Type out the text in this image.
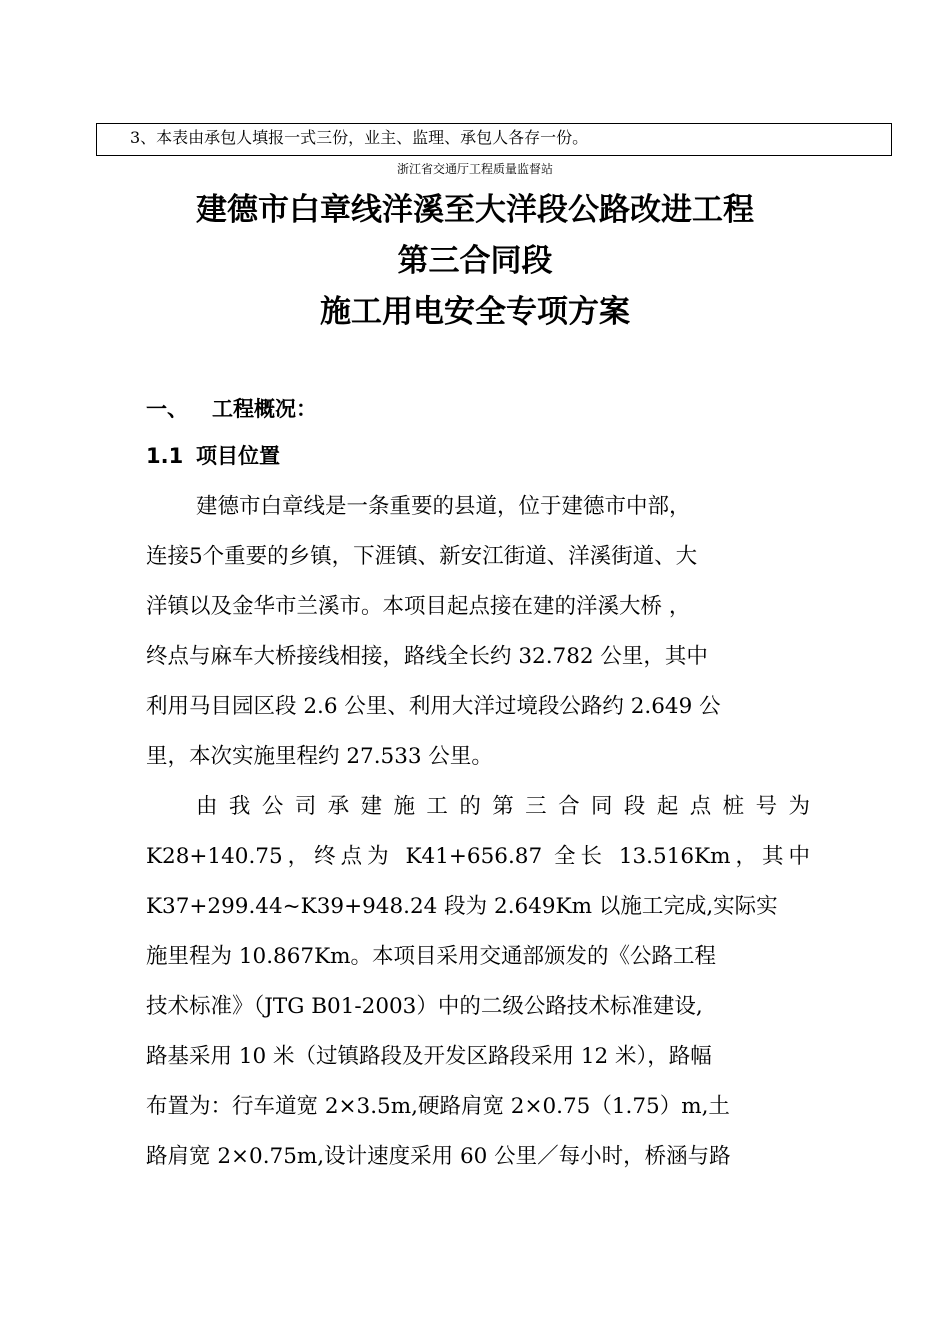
3、本表由承包人填报一式三份，业主、监理、承包人各存一份。
浙江省交通厅工程质量监督站
建德市白章线洋溪至大洋段公路改进工程
第三合同段
施工用电安全专项方案
一、 工程概况：
1.1 项目位置
建德市白章线是一条重要的县道，位于建德市中部，
连接5个重要的乡镇，下涯镇、新安江街道、洋溪街道、大
洋镇以及金华市兰溪市。本项目起点接在建的洋溪大桥 ，
终点与麻车大桥接线相接，路线全长约 32.782 公里，其中
利用马目园区段 2.6 公里、利用大洋过境段公路约 2.649 公
里，本次实施里程约 27.533 公里。
由我公司承建施工的第三合同段起点桩号为
K28+140.75，终点为 K41+656.87 全长 13.516Km，其中
K37+299.44~K39+948.24 段为 2.649Km 以施工完成,实际实
施里程为 10.867Km。本项目采用交通部颁发的《公路工程
技术标准》（JTG B01-2003）中的二级公路技术标准建设,
路基采用 10 米（过镇路段及开发区路段采用 12 米），路幅
布置为：行车道宽 2×3.5m,硬路肩宽 2×0.75（1.75）m,土
路肩宽 2×0.75m,设计速度采用 60 公里／每小时，桥涵与路
